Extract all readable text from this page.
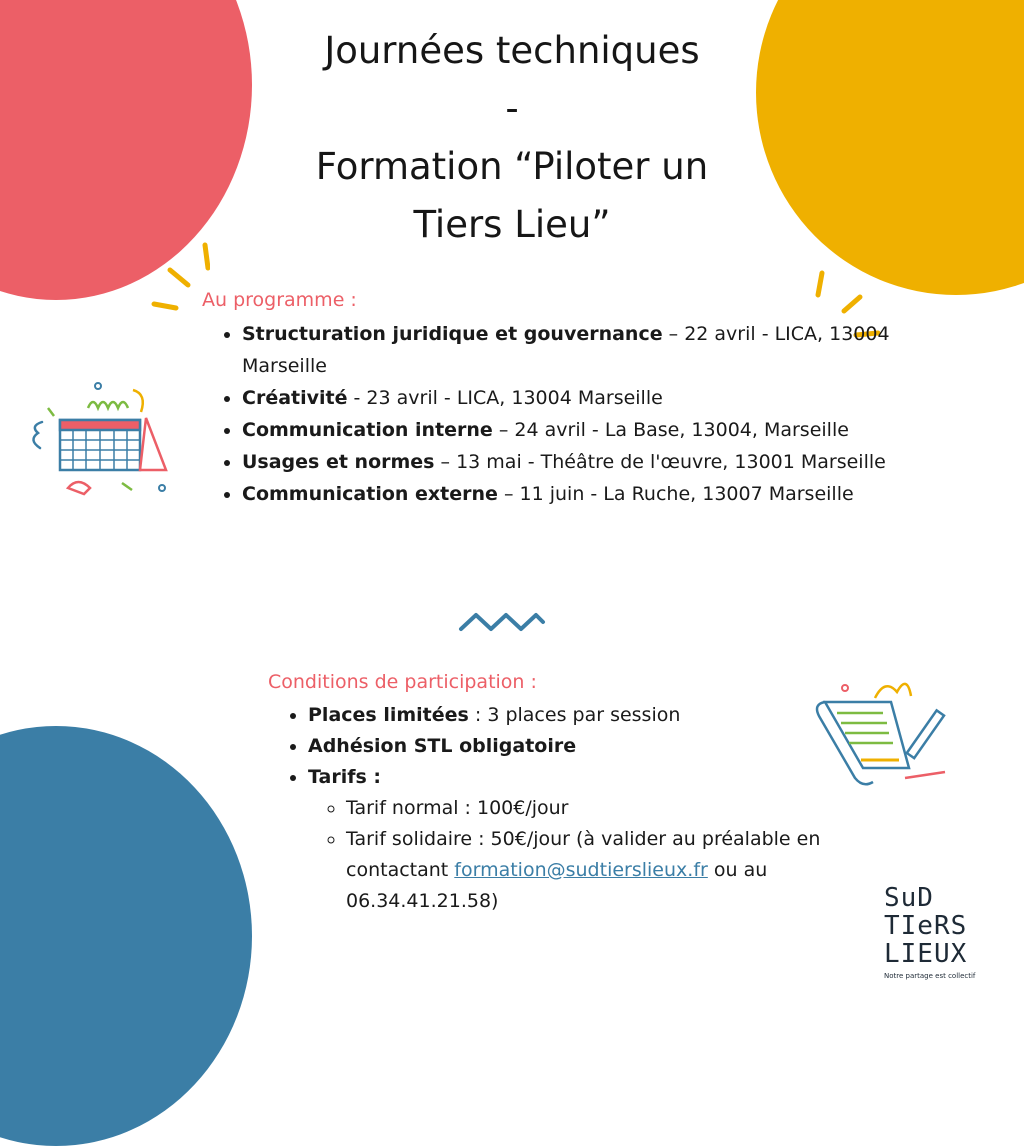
Journées techniques
-
Formation “Piloter un
Tiers Lieu”
Au programme :
• Structuration juridique et gouvernance – 22 avril - LICA, 13004 Marseille
• Créativité - 23 avril - LICA, 13004 Marseille
• Communication interne – 24 avril - La Base, 13004, Marseille
• Usages et normes – 13 mai - Théâtre de l'œuvre, 13001 Marseille
• Communication externe – 11 juin - La Ruche, 13007 Marseille
Conditions de participation :
• Places limitées : 3 places par session
• Adhésion STL obligatoire
• Tarifs :
◦ Tarif normal : 100€/jour
◦ Tarif solidaire : 50€/jour (à valider au préalable en contactant formation@sudtierslieux.fr ou au 06.34.41.21.58)	SuD
TIeRS
LIEUX
Notre partage est collectif
